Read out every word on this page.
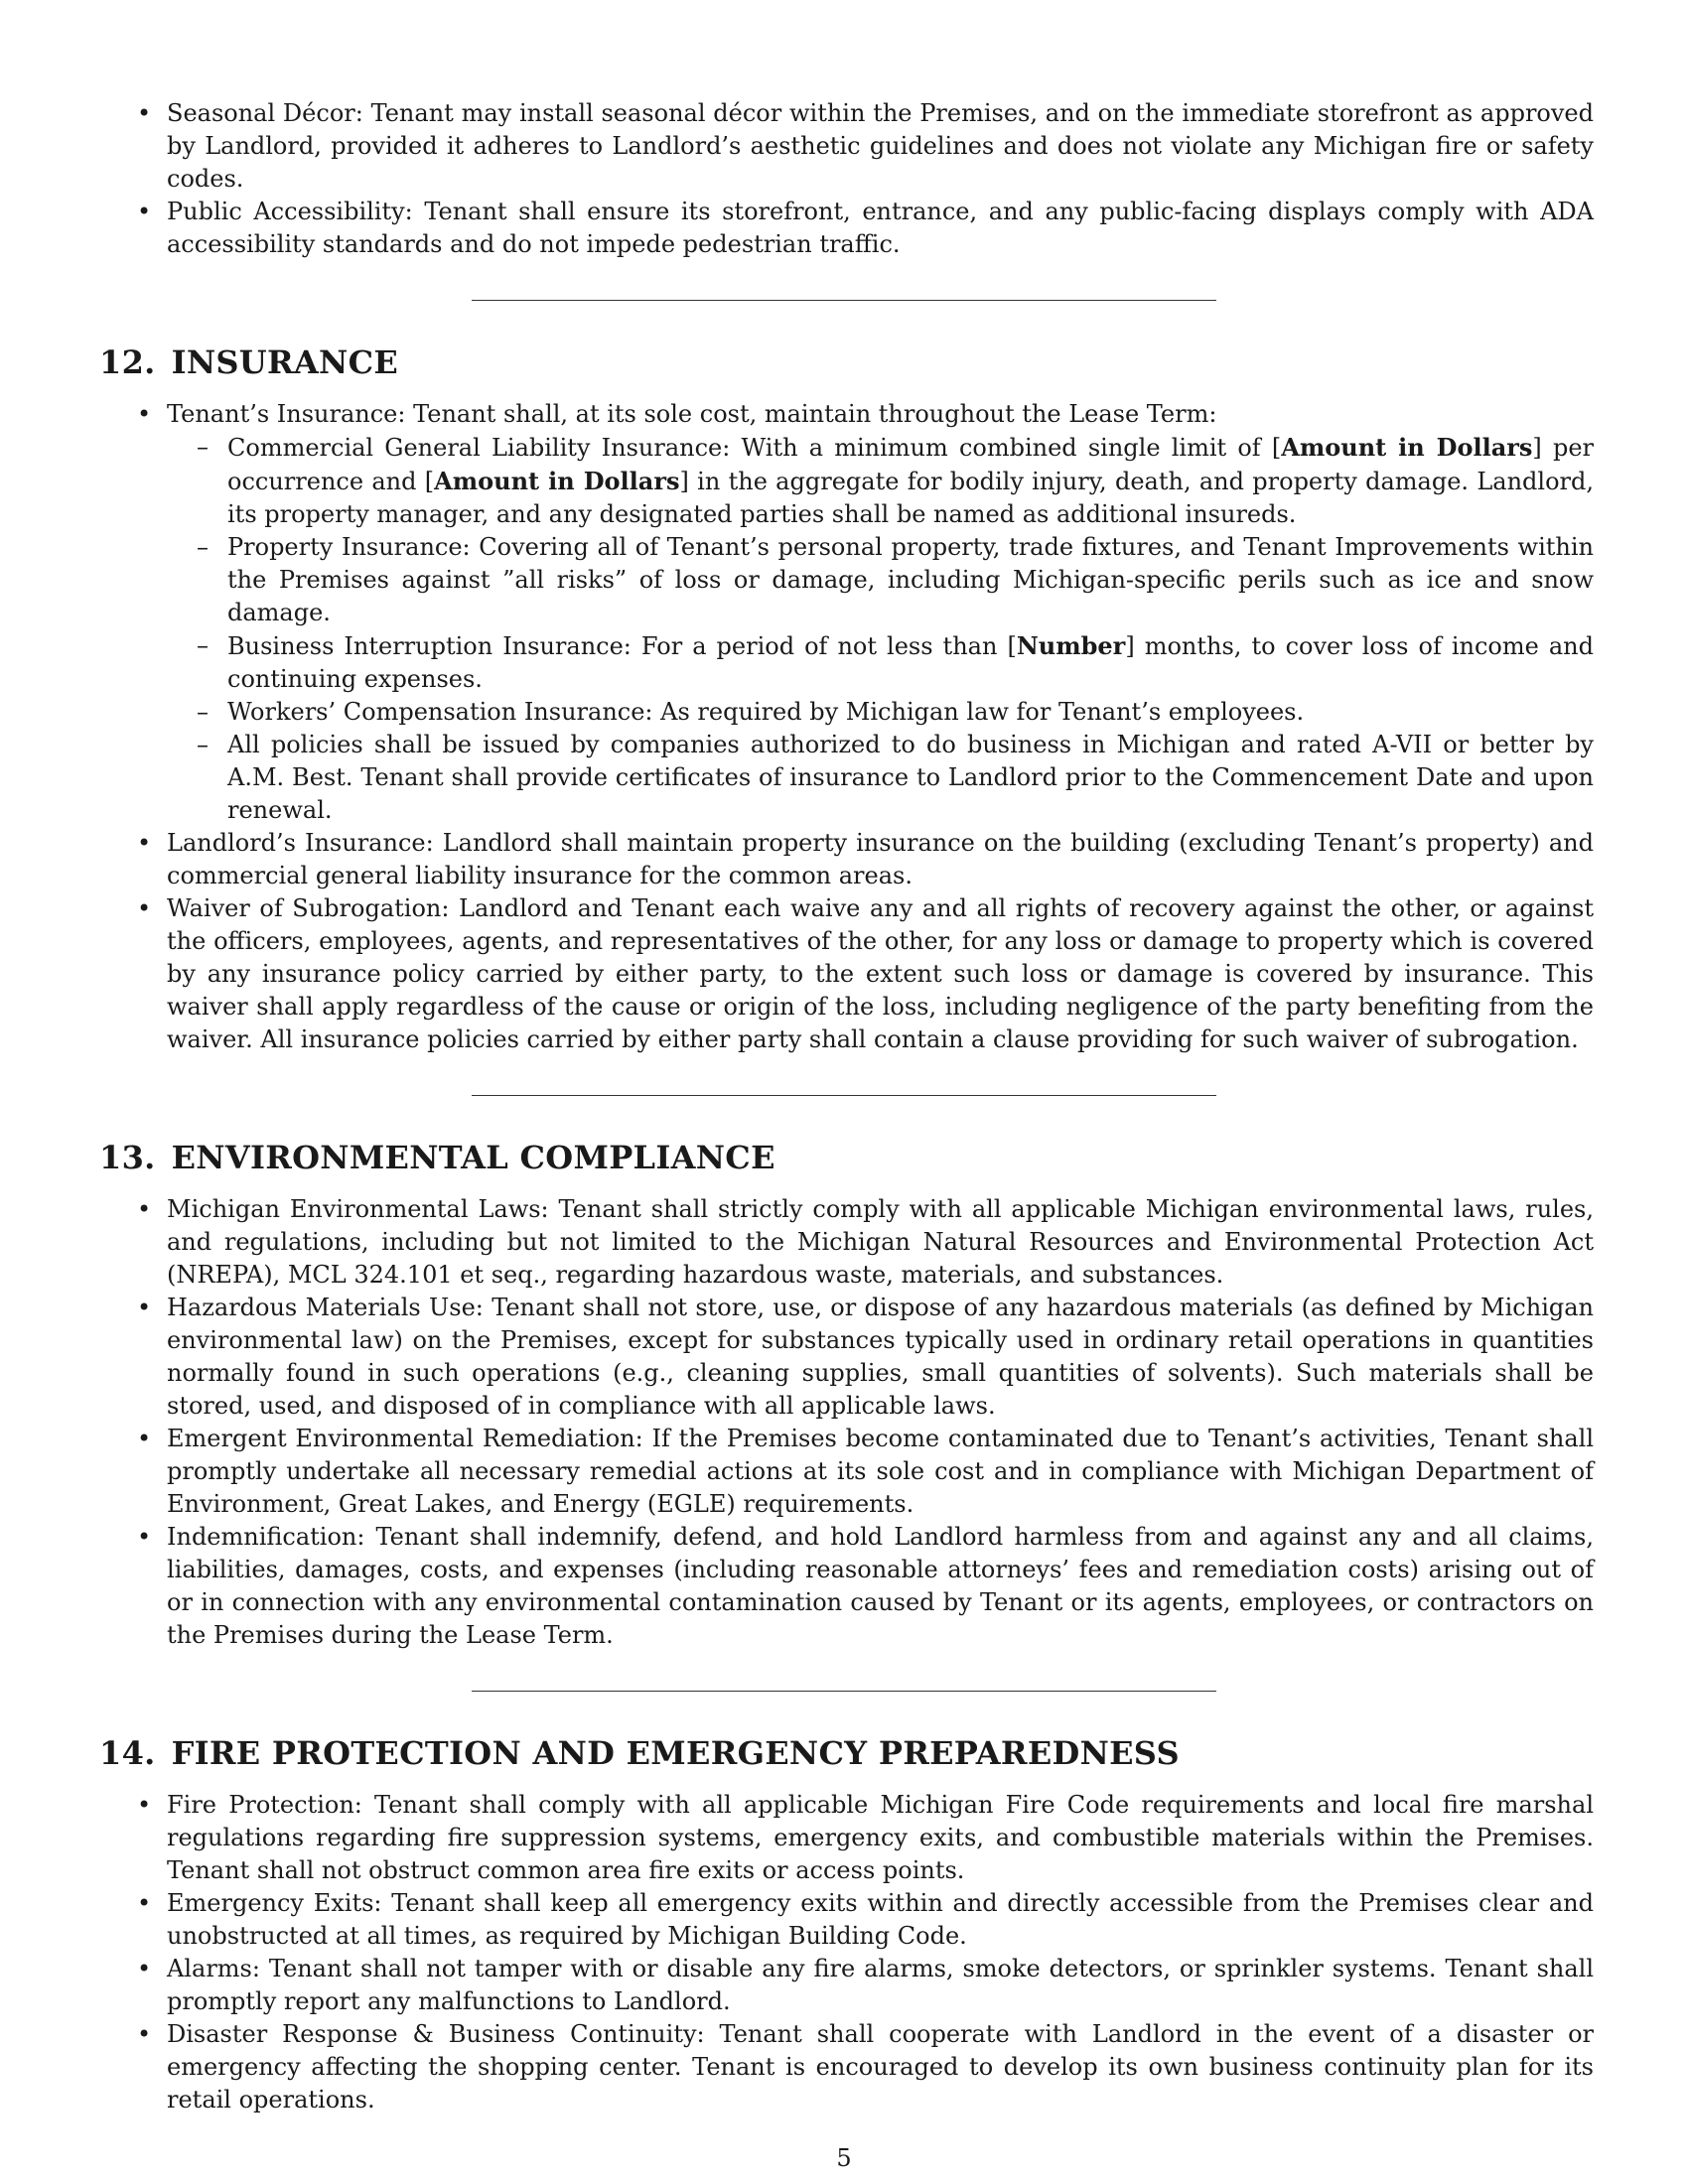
• Seasonal Décor: Tenant may install seasonal décor within the Premises, and on the immediate storefront as approved by Landlord, provided it adheres to Landlord’s aesthetic guidelines and does not violate any Michigan fire or safety codes.
• Public Accessibility: Tenant shall ensure its storefront, entrance, and any public-facing displays comply with ADA accessibility standards and do not impede pedestrian traffic.
12. INSURANCE
• Tenant’s Insurance: Tenant shall, at its sole cost, maintain throughout the Lease Term:
– Commercial General Liability Insurance: With a minimum combined single limit of [Amount in Dollars] per occurrence and [Amount in Dollars] in the aggregate for bodily injury, death, and property damage. Landlord, its property manager, and any designated parties shall be named as additional insureds.
– Property Insurance: Covering all of Tenant’s personal property, trade fixtures, and Tenant Improvements within the Premises against ”all risks” of loss or damage, including Michigan-specific perils such as ice and snow damage.
– Business Interruption Insurance: For a period of not less than [Number] months, to cover loss of income and continuing expenses.
– Workers’ Compensation Insurance: As required by Michigan law for Tenant’s employees.
– All policies shall be issued by companies authorized to do business in Michigan and rated A-VII or better by A.M. Best. Tenant shall provide certificates of insurance to Landlord prior to the Commencement Date and upon renewal.
• Landlord’s Insurance: Landlord shall maintain property insurance on the building (excluding Tenant’s property) and commercial general liability insurance for the common areas.
• Waiver of Subrogation: Landlord and Tenant each waive any and all rights of recovery against the other, or against the officers, employees, agents, and representatives of the other, for any loss or damage to property which is covered by any insurance policy carried by either party, to the extent such loss or damage is covered by insurance. This waiver shall apply regardless of the cause or origin of the loss, including negligence of the party benefiting from the waiver. All insurance policies carried by either party shall contain a clause providing for such waiver of subrogation.
13. ENVIRONMENTAL COMPLIANCE
• Michigan Environmental Laws: Tenant shall strictly comply with all applicable Michigan environmental laws, rules, and regulations, including but not limited to the Michigan Natural Resources and Environmental Protection Act (NREPA), MCL 324.101 et seq., regarding hazardous waste, materials, and substances.
• Hazardous Materials Use: Tenant shall not store, use, or dispose of any hazardous materials (as defined by Michigan environmental law) on the Premises, except for substances typically used in ordinary retail operations in quantities normally found in such operations (e.g., cleaning supplies, small quantities of solvents). Such materials shall be stored, used, and disposed of in compliance with all applicable laws.
• Emergent Environmental Remediation: If the Premises become contaminated due to Tenant’s activities, Tenant shall promptly undertake all necessary remedial actions at its sole cost and in compliance with Michigan Department of Environment, Great Lakes, and Energy (EGLE) requirements.
• Indemnification: Tenant shall indemnify, defend, and hold Landlord harmless from and against any and all claims, liabilities, damages, costs, and expenses (including reasonable attorneys’ fees and remediation costs) arising out of or in connection with any environmental contamination caused by Tenant or its agents, employees, or contractors on the Premises during the Lease Term.
14. FIRE PROTECTION AND EMERGENCY PREPAREDNESS
• Fire Protection: Tenant shall comply with all applicable Michigan Fire Code requirements and local fire marshal regulations regarding fire suppression systems, emergency exits, and combustible materials within the Premises. Tenant shall not obstruct common area fire exits or access points.
• Emergency Exits: Tenant shall keep all emergency exits within and directly accessible from the Premises clear and unobstructed at all times, as required by Michigan Building Code.
• Alarms: Tenant shall not tamper with or disable any fire alarms, smoke detectors, or sprinkler systems. Tenant shall promptly report any malfunctions to Landlord.
• Disaster Response & Business Continuity: Tenant shall cooperate with Landlord in the event of a disaster or emergency affecting the shopping center. Tenant is encouraged to develop its own business continuity plan for its retail operations.
5
